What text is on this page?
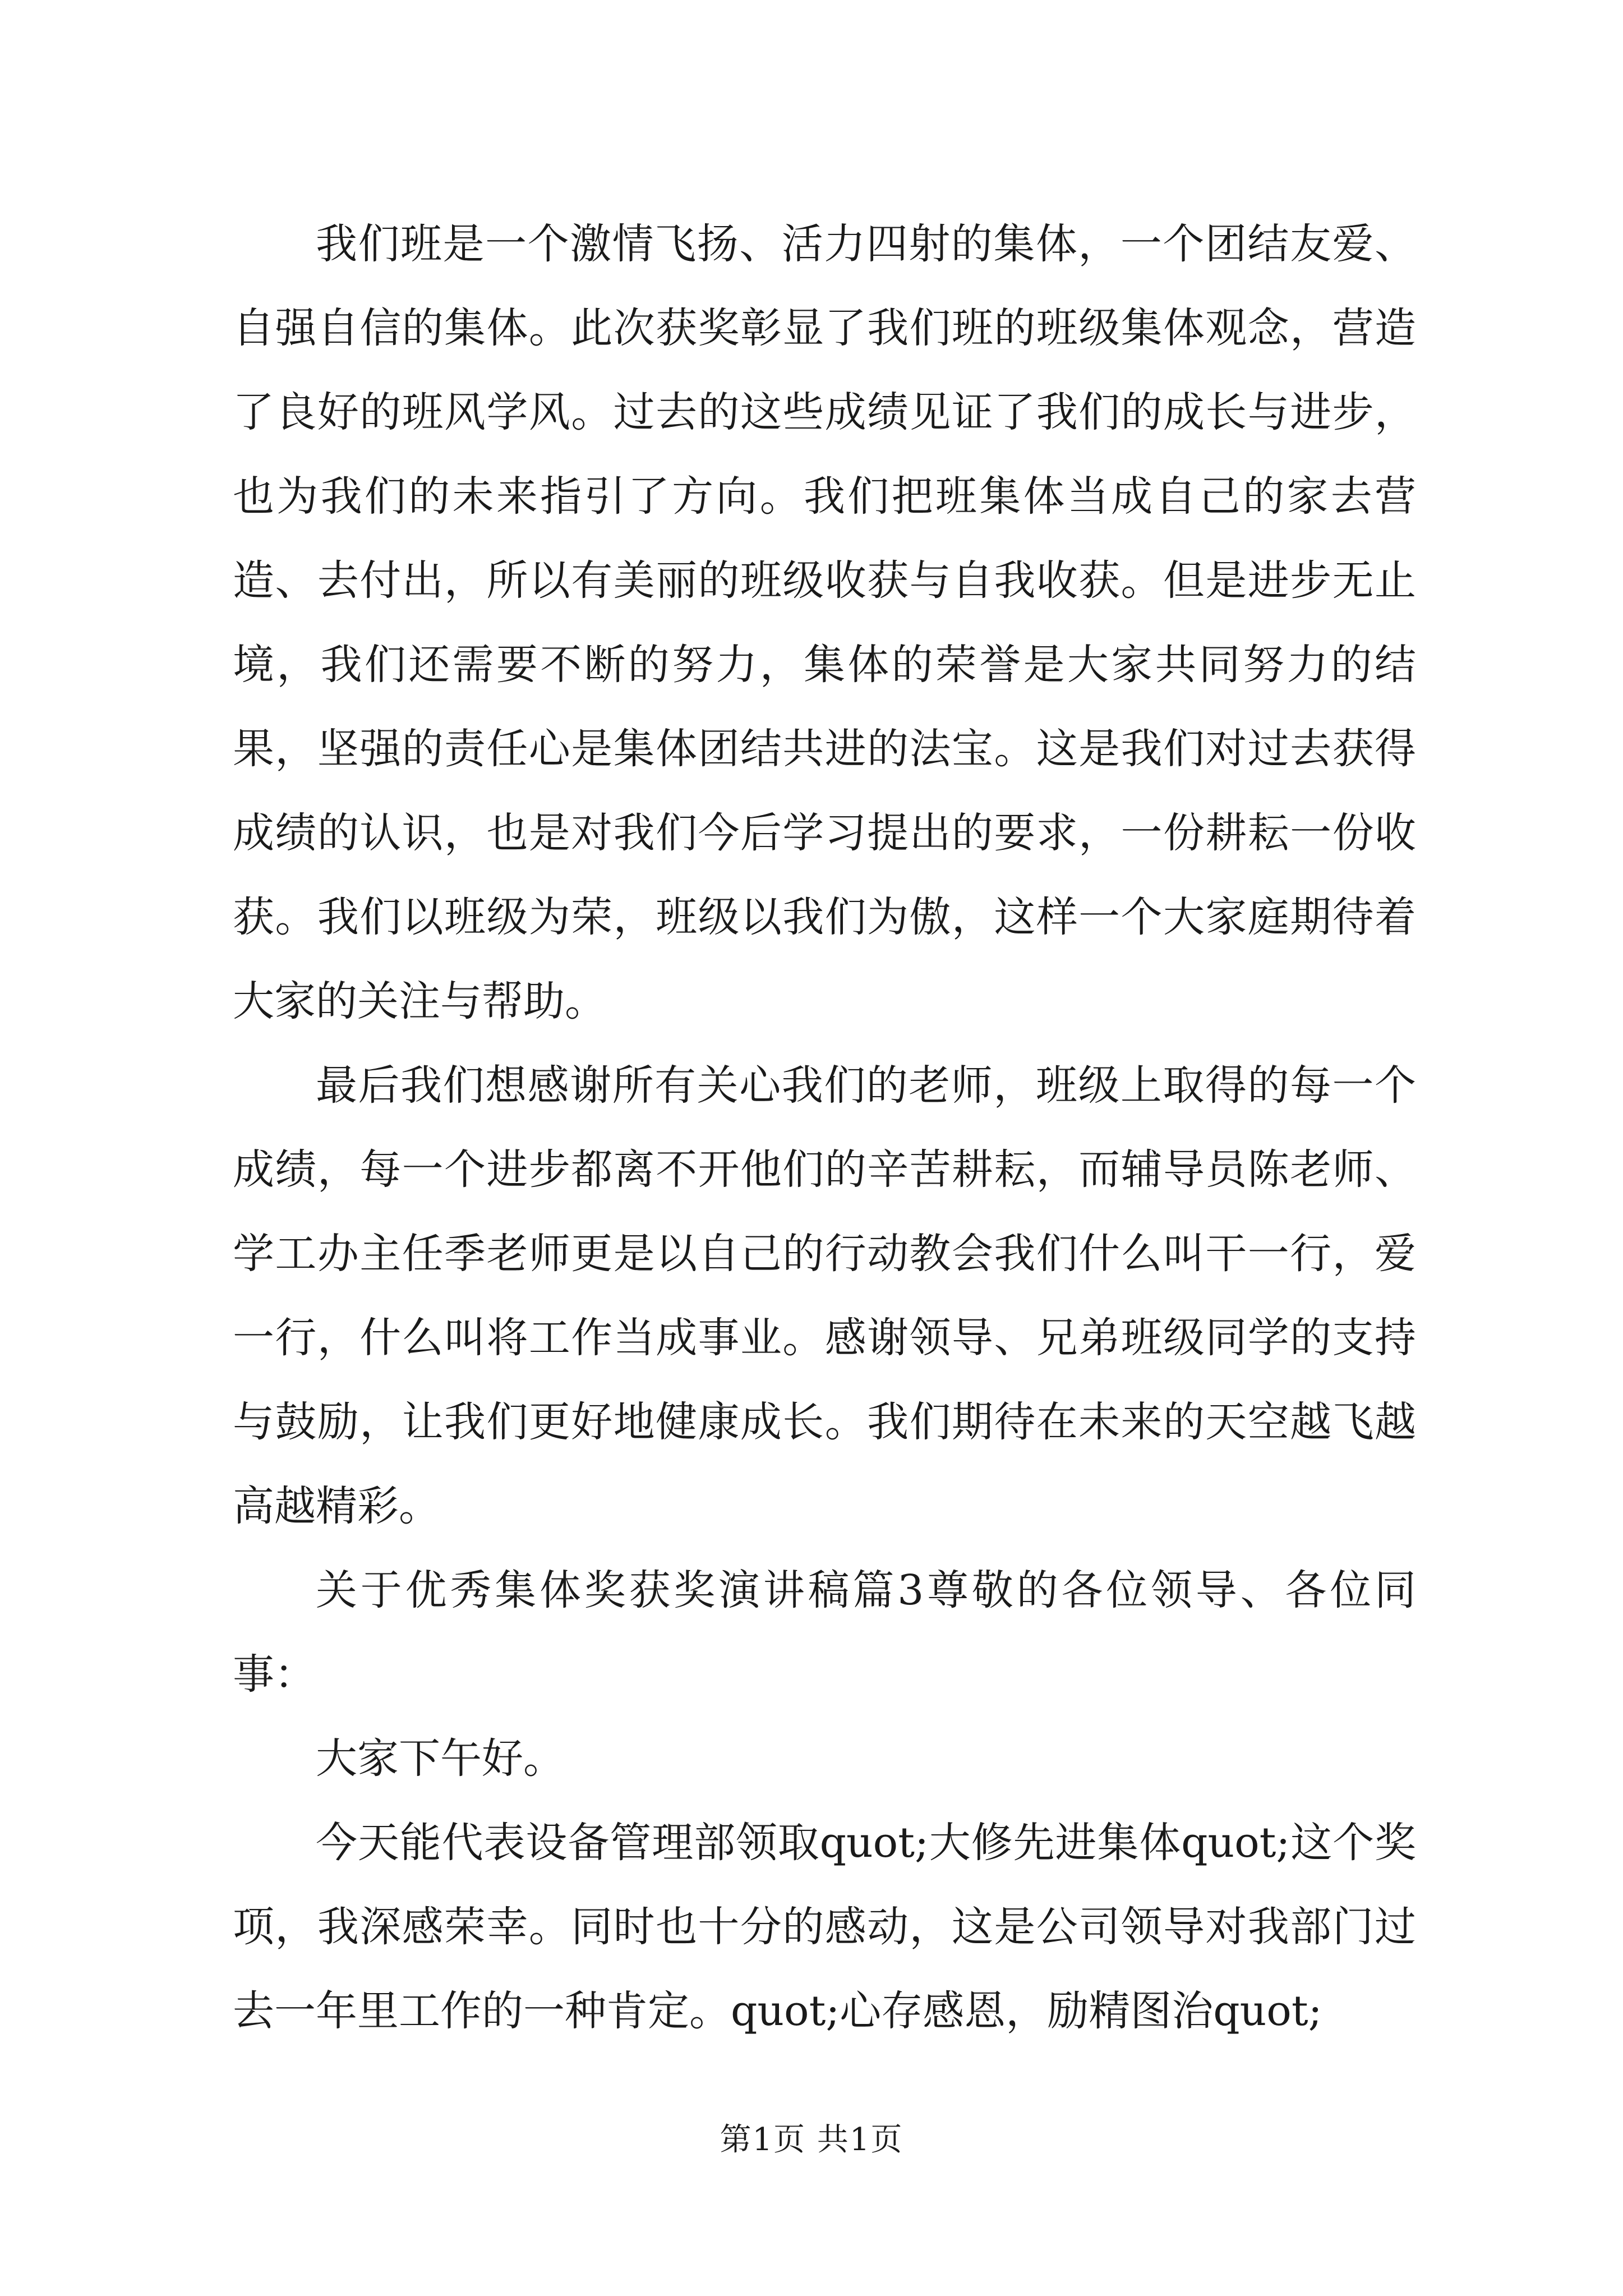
我们班是一个激情飞扬、活力四射的集体，一个团结友爱、自强自信的集体。此次获奖彰显了我们班的班级集体观念，营造了良好的班风学风。过去的这些成绩见证了我们的成长与进步，也为我们的未来指引了方向。我们把班集体当成自己的家去营造、去付出，所以有美丽的班级收获与自我收获。但是进步无止境，我们还需要不断的努力，集体的荣誉是大家共同努力的结果，坚强的责任心是集体团结共进的法宝。这是我们对过去获得成绩的认识，也是对我们今后学习提出的要求，一份耕耘一份收获。我们以班级为荣，班级以我们为傲，这样一个大家庭期待着大家的关注与帮助。

最后我们想感谢所有关心我们的老师，班级上取得的每一个成绩，每一个进步都离不开他们的辛苦耕耘，而辅导员陈老师、学工办主任季老师更是以自己的行动教会我们什么叫干一行，爱一行，什么叫将工作当成事业。感谢领导、兄弟班级同学的支持与鼓励，让我们更好地健康成长。我们期待在未来的天空越飞越高越精彩。

关于优秀集体奖获奖演讲稿篇3尊敬的各位领导、各位同事：

大家下午好。

今天能代表设备管理部领取quot;大修先进集体quot;这个奖项，我深感荣幸。同时也十分的感动，这是公司领导对我部门过去一年里工作的一种肯定。quot;心存感恩，励精图治quot;

第1页 共1页
